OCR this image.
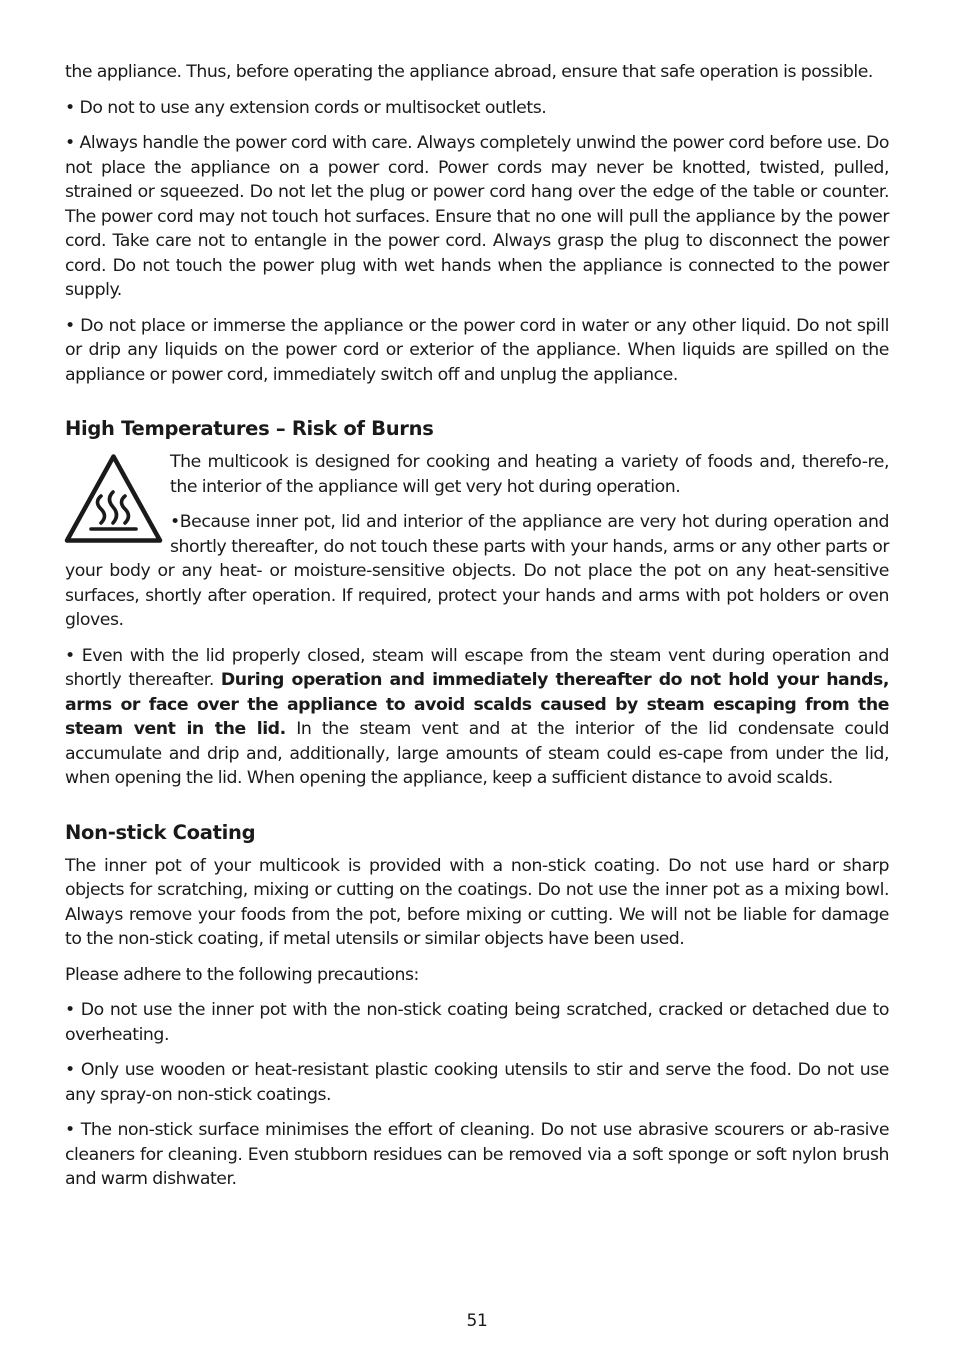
the appliance. Thus, before operating the appliance abroad, ensure that safe operation is possible.

• Do not to use any extension cords or multisocket outlets.

• Always handle the power cord with care. Always completely unwind the power cord before use. Do not place the appliance on a power cord. Power cords may never be knotted, twisted, pulled, strained or squeezed. Do not let the plug or power cord hang over the edge of the table or counter. The power cord may not touch hot surfaces. Ensure that no one will pull the appliance by the power cord. Take care not to entangle in the power cord. Always grasp the plug to disconnect the power cord. Do not touch the power plug with wet hands when the appliance is connected to the power supply.

• Do not place or immerse the appliance or the power cord in water or any other liquid. Do not spill or drip any liquids on the power cord or exterior of the appliance. When liquids are spilled on the appliance or power cord, immediately switch off and unplug the appliance.

High Temperatures – Risk of Burns

The multicook is designed for cooking and heating a variety of foods and, therefo-re, the interior of the appliance will get very hot during operation.

•Because inner pot, lid and interior of the appliance are very hot during operation and shortly thereafter, do not touch these parts with your hands, arms or any other parts or your body or any heat- or moisture-sensitive objects. Do not place the pot on any heat-sensitive surfaces, shortly after operation. If required, protect your hands and arms with pot holders or oven gloves.

• Even with the lid properly closed, steam will escape from the steam vent during operation and shortly thereafter. During operation and immediately thereafter do not hold your hands, arms or face over the appliance to avoid scalds caused by steam escaping from the steam vent in the lid. In the steam vent and at the interior of the lid condensate could accumulate and drip and, additionally, large amounts of steam could es-cape from under the lid, when opening the lid. When opening the appliance, keep a sufficient distance to avoid scalds.

Non-stick Coating

The inner pot of your multicook is provided with a non-stick coating. Do not use hard or sharp objects for scratching, mixing or cutting on the coatings. Do not use the inner pot as a mixing bowl. Always remove your foods from the pot, before mixing or cutting. We will not be liable for damage to the non-stick coating, if metal utensils or similar objects have been used.

Please adhere to the following precautions:

• Do not use the inner pot with the non-stick coating being scratched, cracked or detached due to overheating.

• Only use wooden or heat-resistant plastic cooking utensils to stir and serve the food. Do not use any spray-on non-stick coatings.

• The non-stick surface minimises the effort of cleaning. Do not use abrasive scourers or ab-rasive cleaners for cleaning. Even stubborn residues can be removed via a soft sponge or soft nylon brush and warm dishwater.

51
